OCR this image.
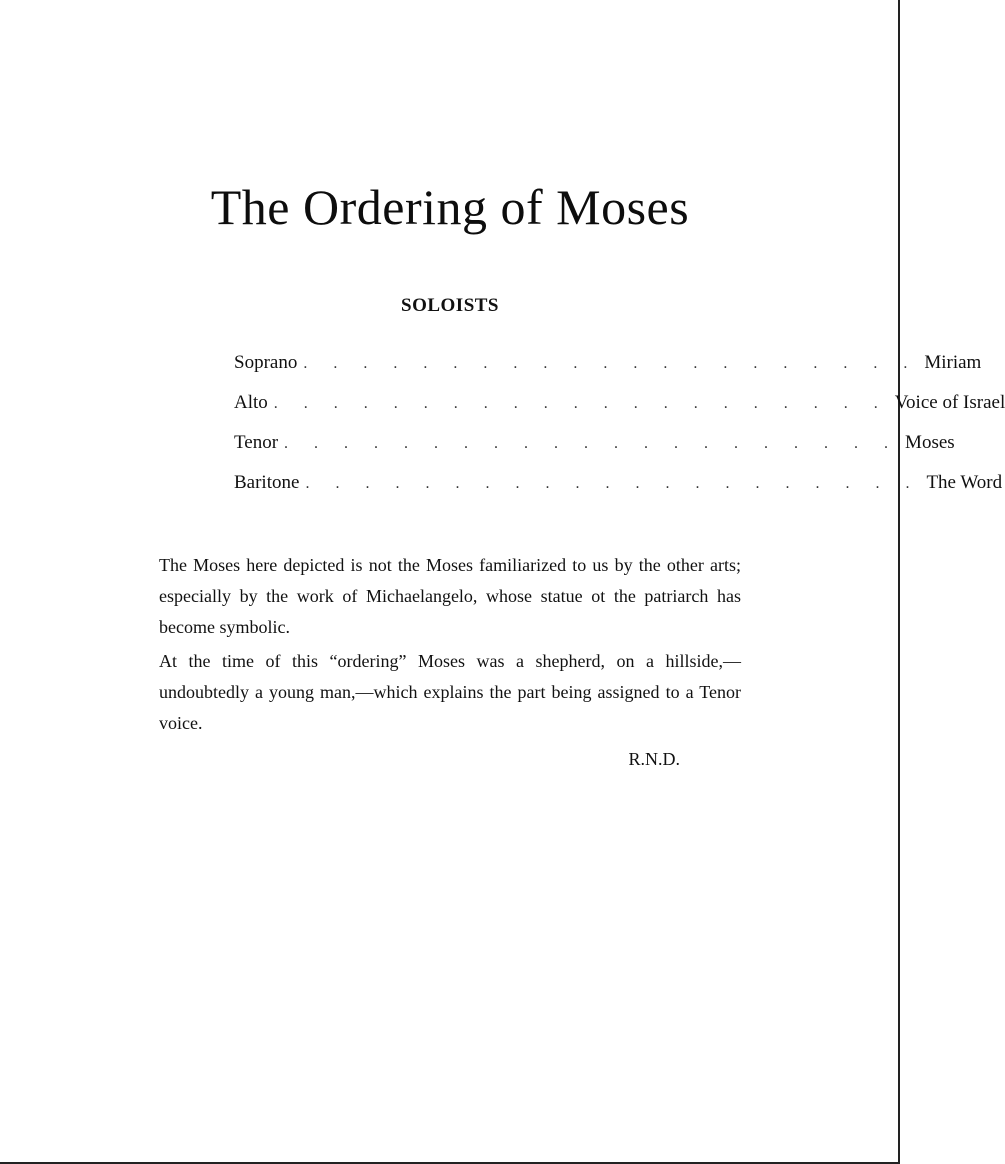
The Ordering of Moses
SOLOISTS
Soprano . . . . . . . . . . . . . . . . . . . . . Miriam
Alto . . . . . . . . . . . . . . . . . . . . . Voice of Israel
Tenor . . . . . . . . . . . . . . . . . . . . . Moses
Baritone . . . . . . . . . . . . . . . . . . . . . The Word

The Moses here depicted is not the Moses familiarized to us by the other arts; especially by the work of Michaelangelo, whose statue ot the patriarch has become symbolic.

At the time of this “ordering” Moses was a shepherd, on a hillside,—undoubtedly a young man,—which explains the part being assigned to a Tenor voice.

R.N.D.
